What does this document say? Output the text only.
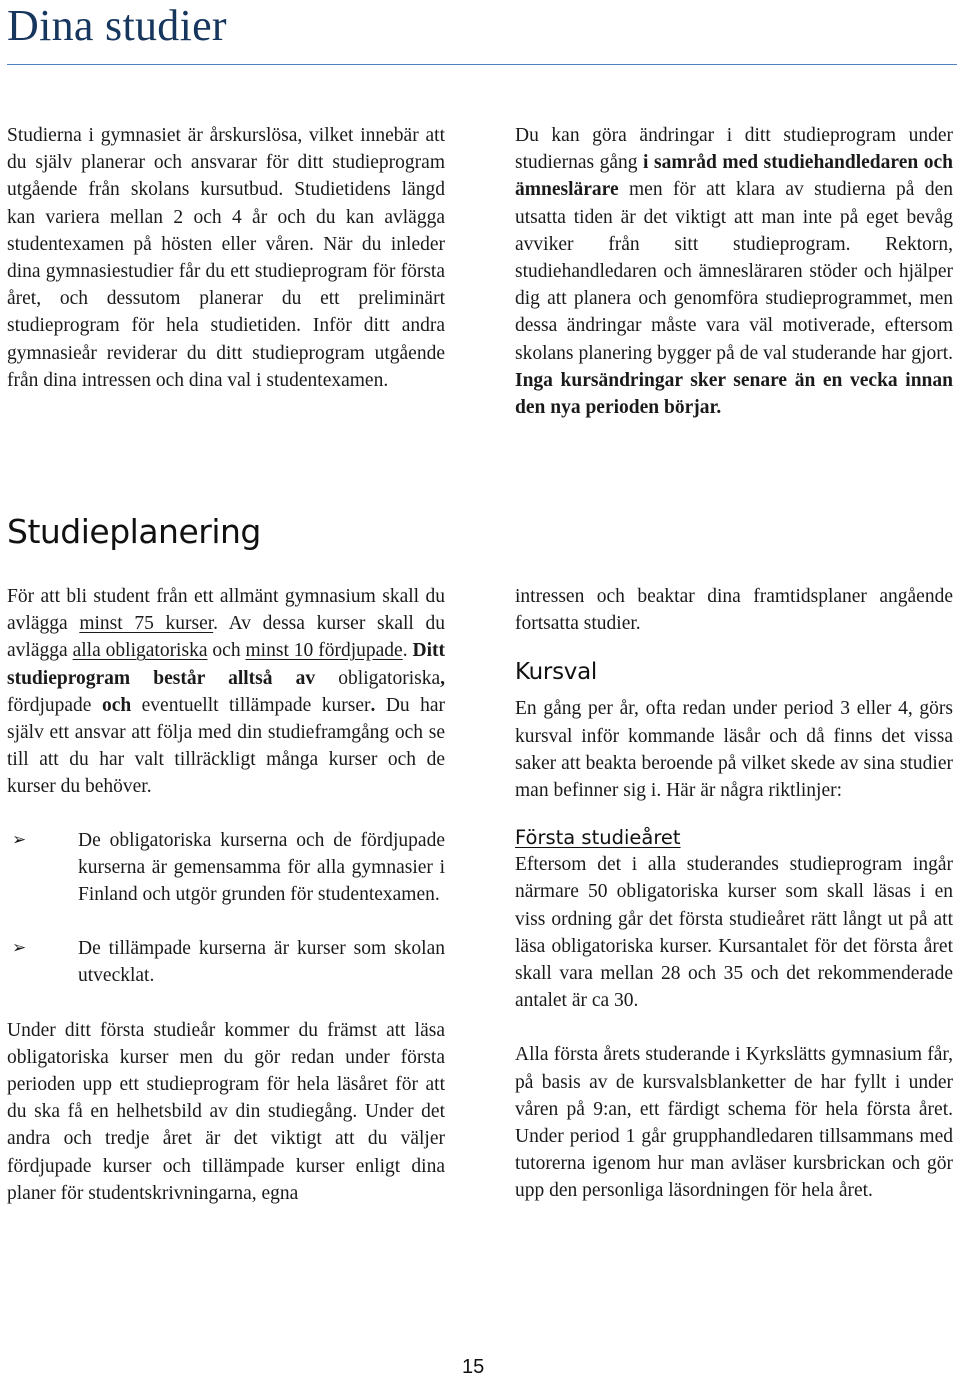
Dina studier

Studierna i gymnasiet är årskurslösa, vilket innebär att du själv planerar och ansvarar för ditt studieprogram utgående från skolans kursutbud. Studietidens längd kan variera mellan 2 och 4 år och du kan avlägga studentexamen på hösten eller våren. När du inleder dina gymnasiestudier får du ett studieprogram för första året, och dessutom planerar du ett preliminärt studieprogram för hela studietiden. Inför ditt andra gymnasieår reviderar du ditt studieprogram utgående från dina intressen och dina val i studentexamen.

Du kan göra ändringar i ditt studieprogram under studiernas gång i samråd med studiehandledaren och ämneslärare men för att klara av studierna på den utsatta tiden är det viktigt att man inte på eget bevåg avviker från sitt studieprogram. Rektorn, studiehandledaren och ämnesläraren stöder och hjälper dig att planera och genomföra studieprogrammet, men dessa ändringar måste vara väl motiverade, eftersom skolans planering bygger på de val studerande har gjort. Inga kursändringar sker senare än en vecka innan den nya perioden börjar.

Studieplanering

För att bli student från ett allmänt gymnasium skall du avlägga minst 75 kurser. Av dessa kurser skall du avlägga alla obligatoriska och minst 10 fördjupade. Ditt studieprogram består alltså av obligatoriska, fördjupade och eventuellt tillämpade kurser. Du har själv ett ansvar att följa med din studieframgång och se till att du har valt tillräckligt många kurser och de kurser du behöver.

➢	De obligatoriska kurserna och de fördjupade kurserna är gemensamma för alla gymnasier i Finland och utgör grunden för studentexamen.
➢	De tillämpade kurserna är kurser som skolan utvecklat.

Under ditt första studieår kommer du främst att läsa obligatoriska kurser men du gör redan under första perioden upp ett studieprogram för hela läsåret för att du ska få en helhetsbild av din studiegång. Under det andra och tredje året är det viktigt att du väljer fördjupade kurser och tillämpade kurser enligt dina planer för studentskrivningarna, egna

intressen och beaktar dina framtidsplaner angående fortsatta studier.

Kursval

En gång per år, ofta redan under period 3 eller 4, görs kursval inför kommande läsår och då finns det vissa saker att beakta beroende på vilket skede av sina studier man befinner sig i. Här är några riktlinjer:

Första studieåret

Eftersom det i alla studerandes studieprogram ingår närmare 50 obligatoriska kurser som skall läsas i en viss ordning går det första studieåret rätt långt ut på att läsa obligatoriska kurser. Kursantalet för det första året skall vara mellan 28 och 35 och det rekommenderade antalet är ca 30.

Alla första årets studerande i Kyrkslätts gymnasium får, på basis av de kursvalsblanketter de har fyllt i under våren på 9:an, ett färdigt schema för hela första året. Under period 1 går grupphandledaren tillsammans med tutorerna igenom hur man avläser kursbrickan och gör upp den personliga läsordningen för hela året.

15
